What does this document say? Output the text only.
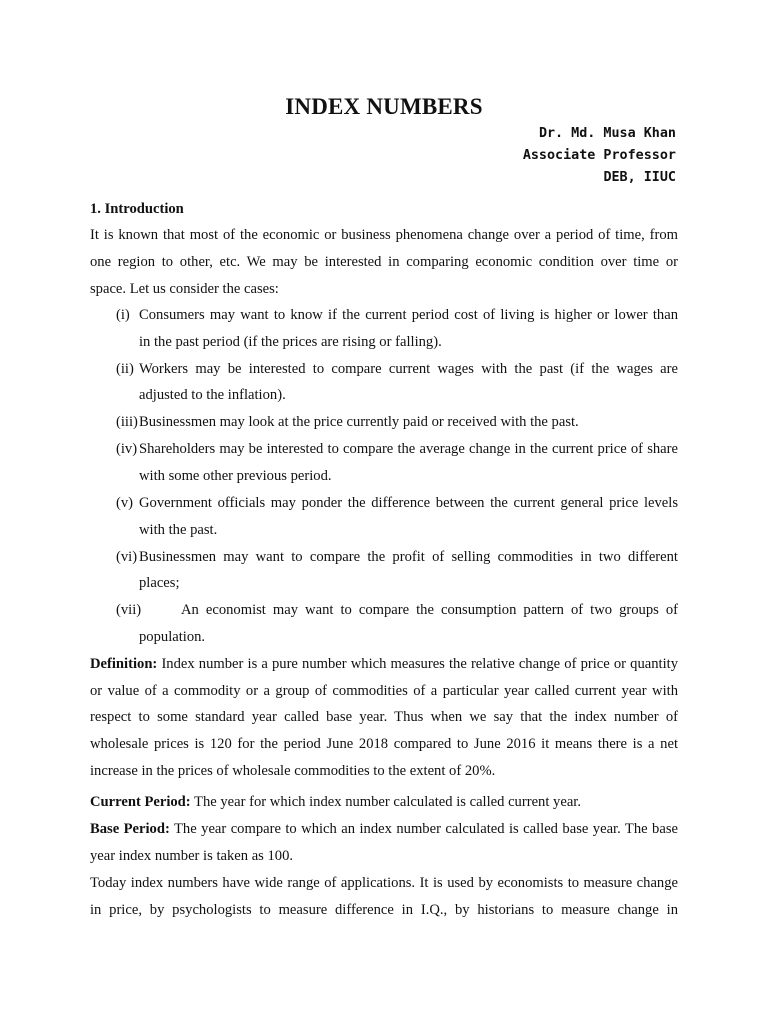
INDEX NUMBERS
Dr. Md. Musa Khan
Associate Professor
DEB, IIUC
1. Introduction
It is known that most of the economic or business phenomena change over a period of time, from
one region to other, etc. We may be interested in comparing economic condition over time or
space. Let us consider the cases:
(i) Consumers may want to know if the current period cost of living is higher or lower than
in the past period (if the prices are rising or falling).
(ii) Workers may be interested to compare current wages with the past (if the wages are
adjusted to the inflation).
(iii) Businessmen may look at the price currently paid or received with the past.
(iv) Shareholders may be interested to compare the average change in the current price of share
with some other previous period.
(v) Government officials may ponder the difference between the current general price levels
with the past.
(vi) Businessmen may want to compare the profit of selling commodities in two different
places;
(vii)	An economist may want to compare the consumption pattern of two groups of
population.
Definition: Index number is a pure number which measures the relative change of price or quantity
or value of a commodity or a group of commodities of a particular year called current year with
respect to some standard year called base year. Thus when we say that the index number of
wholesale prices is 120 for the period June 2018 compared to June 2016 it means there is a net
increase in the prices of wholesale commodities to the extent of 20%.
Current Period: The year for which index number calculated is called current year.
Base Period: The year compare to which an index number calculated is called base year. The base
year index number is taken as 100.
Today index numbers have wide range of applications. It is used by economists to measure change
in price, by psychologists to measure difference in I.Q., by historians to measure change in
